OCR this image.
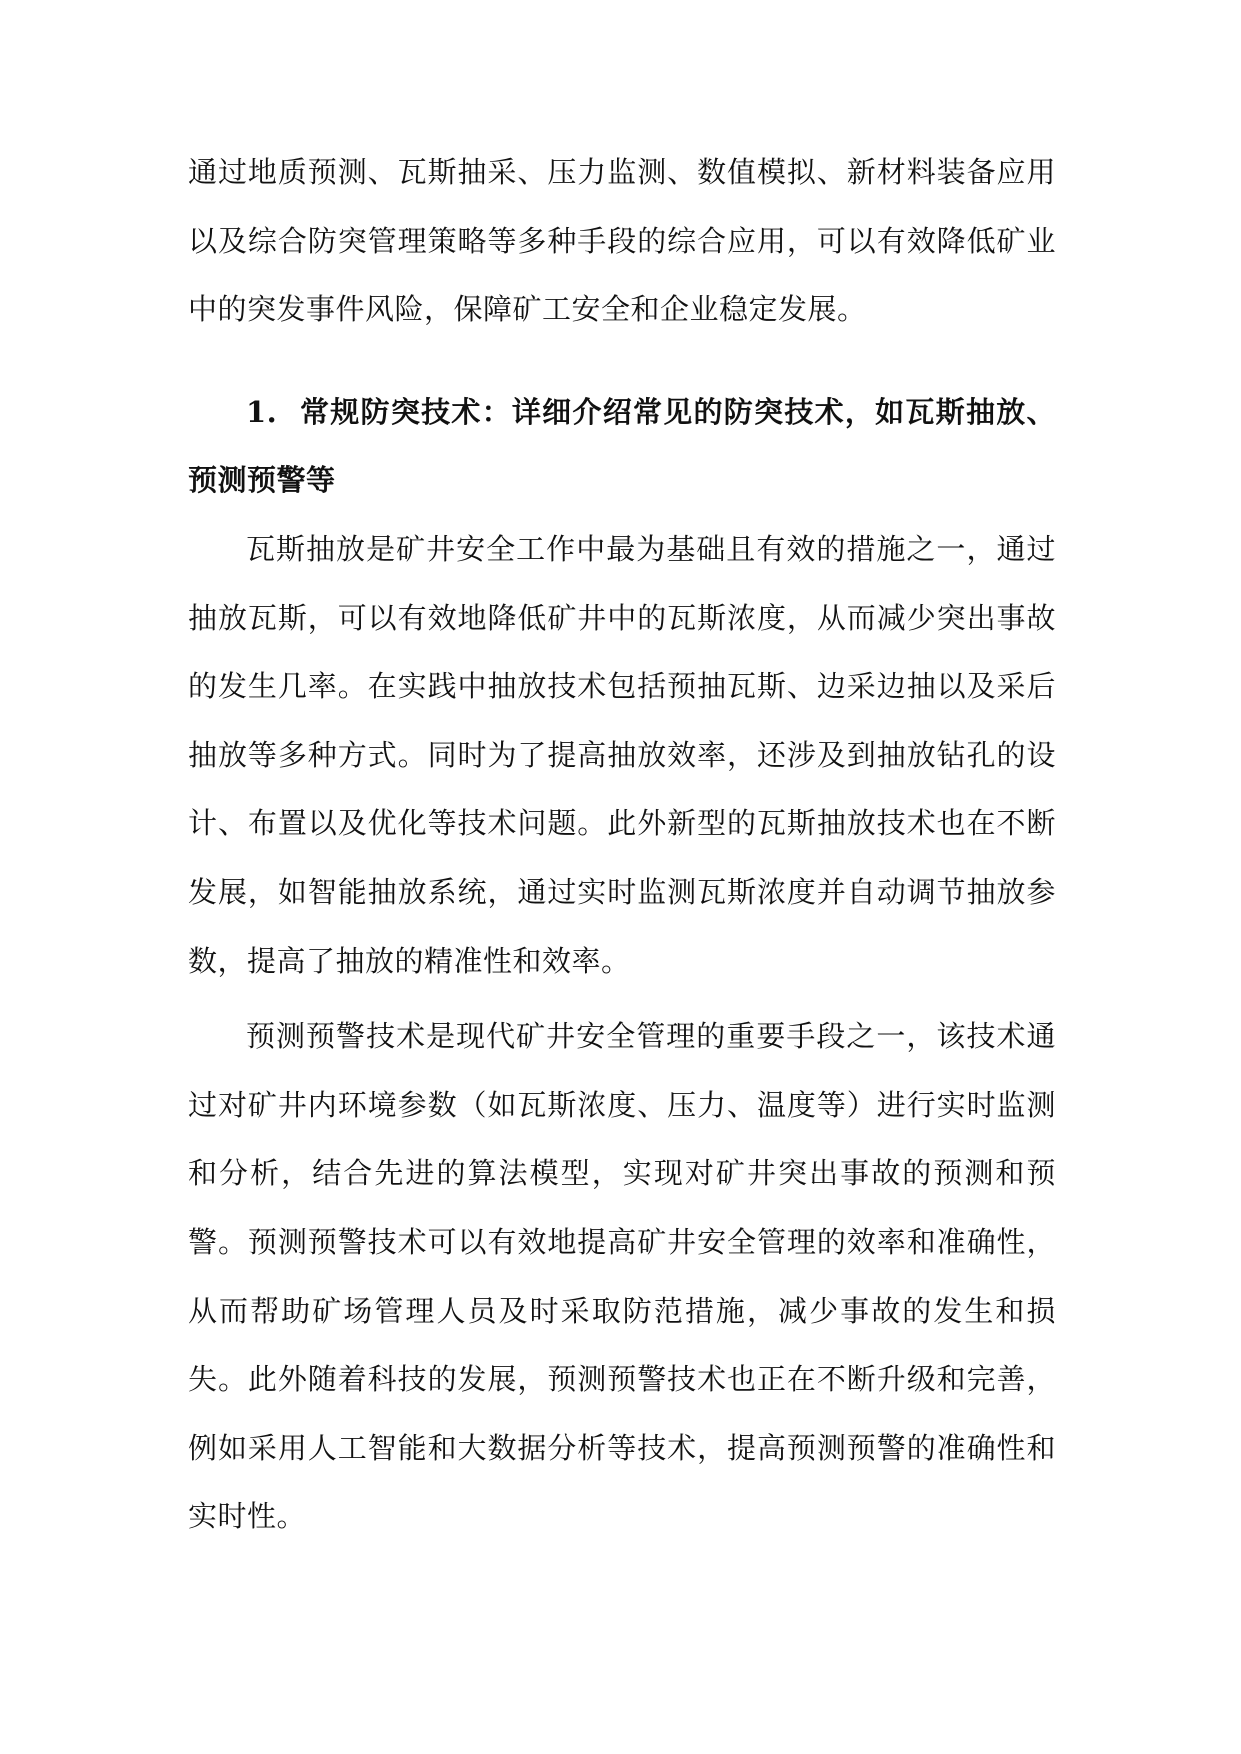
通过地质预测、瓦斯抽采、压力监测、数值模拟、新材料装备应用以及综合防突管理策略等多种手段的综合应用，可以有效降低矿业中的突发事件风险，保障矿工安全和企业稳定发展。

1. 常规防突技术：详细介绍常见的防突技术，如瓦斯抽放、预测预警等

瓦斯抽放是矿井安全工作中最为基础且有效的措施之一，通过抽放瓦斯，可以有效地降低矿井中的瓦斯浓度，从而减少突出事故的发生几率。在实践中抽放技术包括预抽瓦斯、边采边抽以及采后抽放等多种方式。同时为了提高抽放效率，还涉及到抽放钻孔的设计、布置以及优化等技术问题。此外新型的瓦斯抽放技术也在不断发展，如智能抽放系统，通过实时监测瓦斯浓度并自动调节抽放参数，提高了抽放的精准性和效率。

预测预警技术是现代矿井安全管理的重要手段之一，该技术通过对矿井内环境参数（如瓦斯浓度、压力、温度等）进行实时监测和分析，结合先进的算法模型，实现对矿井突出事故的预测和预警。预测预警技术可以有效地提高矿井安全管理的效率和准确性，从而帮助矿场管理人员及时采取防范措施，减少事故的发生和损失。此外随着科技的发展，预测预警技术也正在不断升级和完善，例如采用人工智能和大数据分析等技术，提高预测预警的准确性和实时性。
